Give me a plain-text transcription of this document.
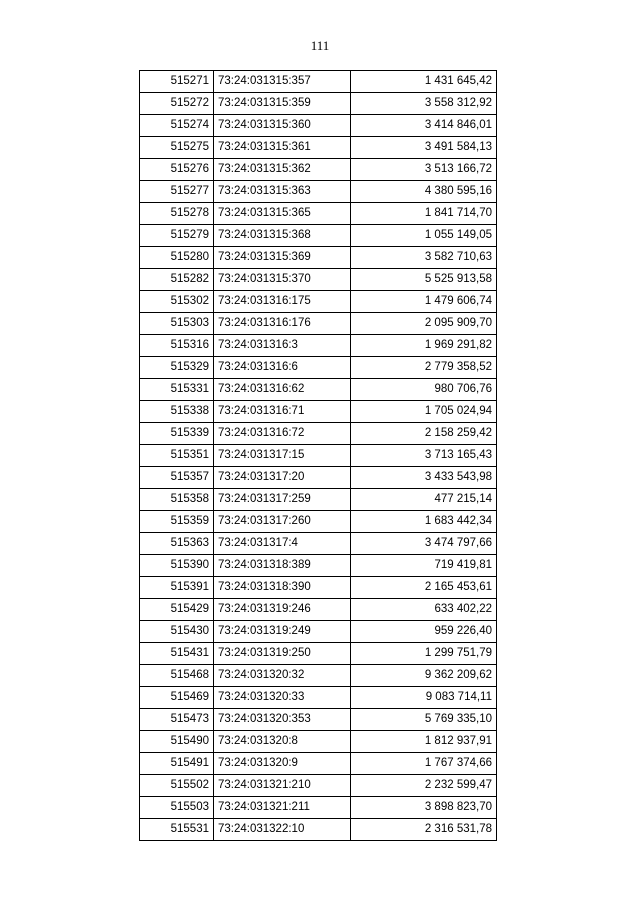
111
515271	73:24:031315:357	1 431 645,42
515272	73:24:031315:359	3 558 312,92
515274	73:24:031315:360	3 414 846,01
515275	73:24:031315:361	3 491 584,13
515276	73:24:031315:362	3 513 166,72
515277	73:24:031315:363	4 380 595,16
515278	73:24:031315:365	1 841 714,70
515279	73:24:031315:368	1 055 149,05
515280	73:24:031315:369	3 582 710,63
515282	73:24:031315:370	5 525 913,58
515302	73:24:031316:175	1 479 606,74
515303	73:24:031316:176	2 095 909,70
515316	73:24:031316:3	1 969 291,82
515329	73:24:031316:6	2 779 358,52
515331	73:24:031316:62	980 706,76
515338	73:24:031316:71	1 705 024,94
515339	73:24:031316:72	2 158 259,42
515351	73:24:031317:15	3 713 165,43
515357	73:24:031317:20	3 433 543,98
515358	73:24:031317:259	477 215,14
515359	73:24:031317:260	1 683 442,34
515363	73:24:031317:4	3 474 797,66
515390	73:24:031318:389	719 419,81
515391	73:24:031318:390	2 165 453,61
515429	73:24:031319:246	633 402,22
515430	73:24:031319:249	959 226,40
515431	73:24:031319:250	1 299 751,79
515468	73:24:031320:32	9 362 209,62
515469	73:24:031320:33	9 083 714,11
515473	73:24:031320:353	5 769 335,10
515490	73:24:031320:8	1 812 937,91
515491	73:24:031320:9	1 767 374,66
515502	73:24:031321:210	2 232 599,47
515503	73:24:031321:211	3 898 823,70
515531	73:24:031322:10	2 316 531,78
